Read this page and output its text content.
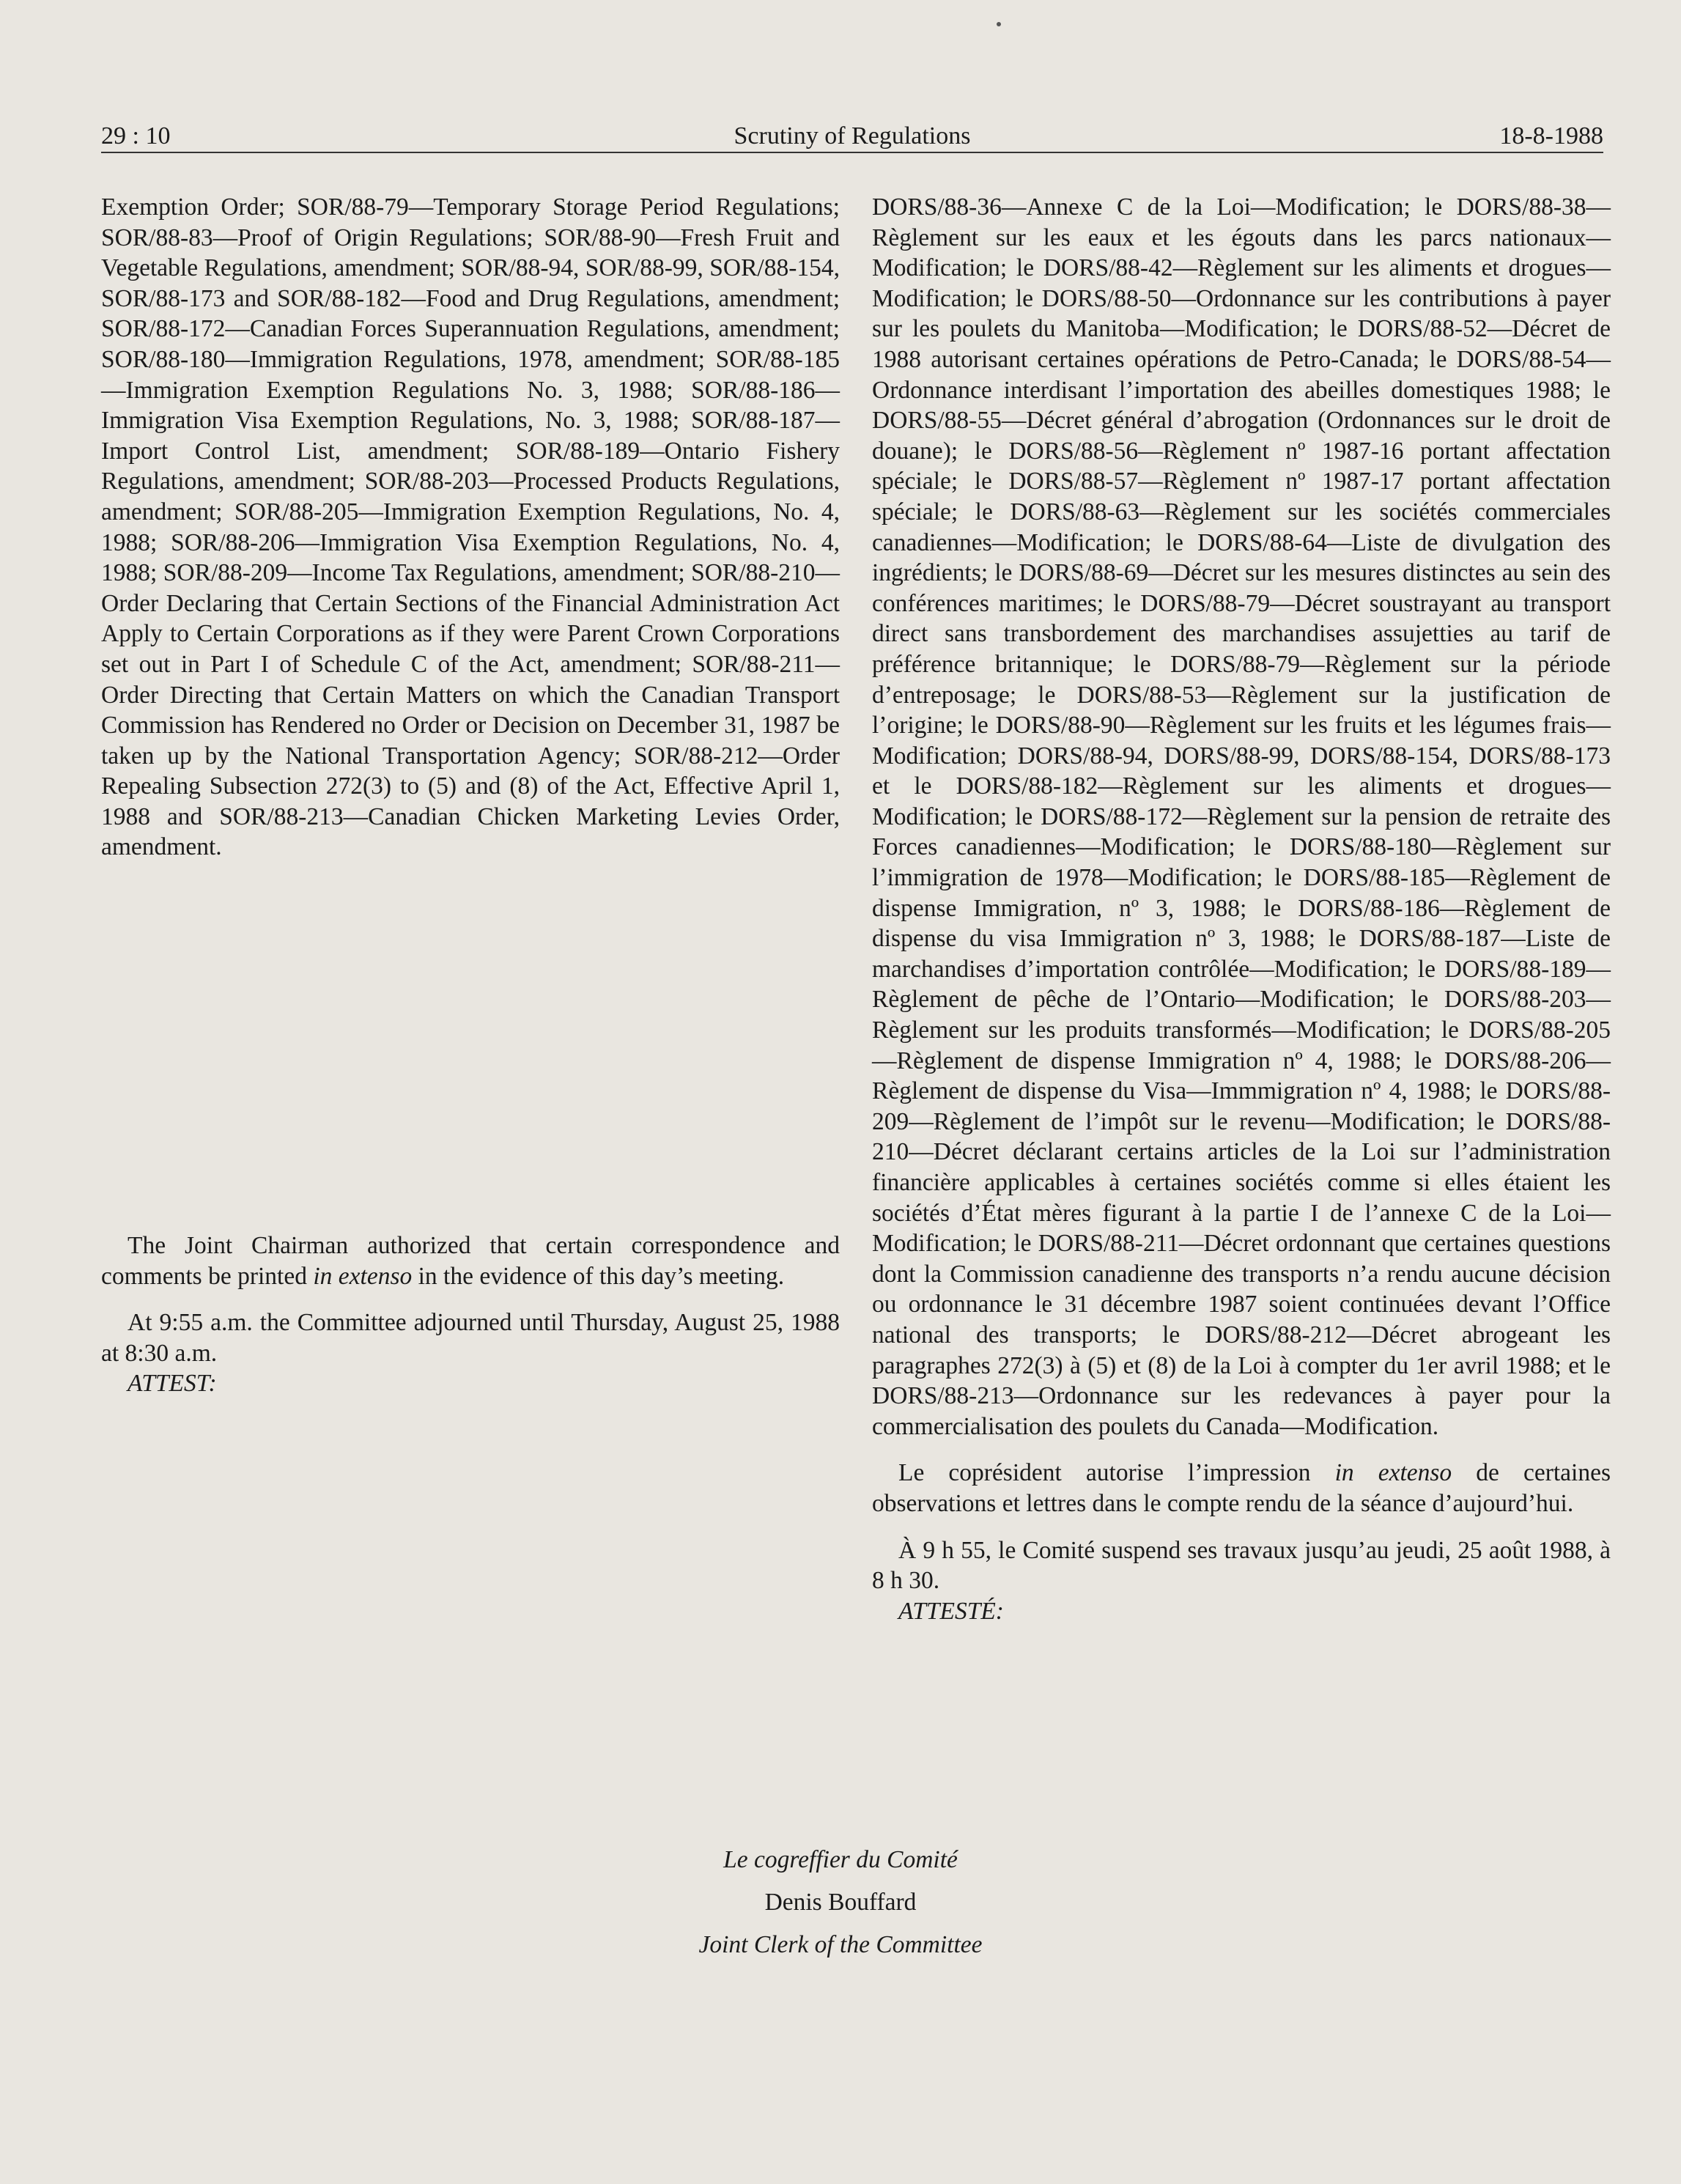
29 : 10	Scrutiny of Regulations	18-8-1988

Exemption Order; SOR/88-79—Temporary Storage Period Regulations; SOR/88-83—Proof of Origin Regulations; SOR/88-90—Fresh Fruit and Vegetable Regulations, amendment; SOR/88-94, SOR/88-99, SOR/88-154, SOR/88-173 and SOR/88-182—Food and Drug Regulations, amendment; SOR/88-172—Canadian Forces Superannuation Regulations, amendment; SOR/88-180—Immigration Regulations, 1978, amendment; SOR/88-185—Immigration Exemption Regulations No. 3, 1988; SOR/88-186—Immigration Visa Exemption Regulations, No. 3, 1988; SOR/88-187—Import Control List, amendment; SOR/88-189—Ontario Fishery Regulations, amendment; SOR/88-203—Processed Products Regulations, amendment; SOR/88-205—Immigration Exemption Regulations, No. 4, 1988; SOR/88-206—Immigration Visa Exemption Regulations, No. 4, 1988; SOR/88-209—Income Tax Regulations, amendment; SOR/88-210—Order Declaring that Certain Sections of the Financial Administration Act Apply to Certain Corporations as if they were Parent Crown Corporations set out in Part I of Schedule C of the Act, amendment; SOR/88-211—Order Directing that Certain Matters on which the Canadian Transport Commission has Rendered no Order or Decision on December 31, 1987 be taken up by the National Transportation Agency; SOR/88-212—Order Repealing Subsection 272(3) to (5) and (8) of the Act, Effective April 1, 1988 and SOR/88-213—Canadian Chicken Marketing Levies Order, amendment.

The Joint Chairman authorized that certain correspondence and comments be printed in extenso in the evidence of this day’s meeting.

At 9:55 a.m. the Committee adjourned until Thursday, August 25, 1988 at 8:30 a.m.

ATTEST:

DORS/88-36—Annexe C de la Loi—Modification; le DORS/88-38—Règlement sur les eaux et les égouts dans les parcs nationaux—Modification; le DORS/88-42—Règlement sur les aliments et drogues—Modification; le DORS/88-50—Ordonnance sur les contributions à payer sur les poulets du Manitoba—Modification; le DORS/88-52—Décret de 1988 autorisant certaines opérations de Petro-Canada; le DORS/88-54—Ordonnance interdisant l’importation des abeilles domestiques 1988; le DORS/88-55—Décret général d’abrogation (Ordonnances sur le droit de douane); le DORS/88-56—Règlement nº 1987-16 portant affectation spéciale; le DORS/88-57—Règlement nº 1987-17 portant affectation spéciale; le DORS/88-63—Règlement sur les sociétés commerciales canadiennes—Modification; le DORS/88-64—Liste de divulgation des ingrédients; le DORS/88-69—Décret sur les mesures distinctes au sein des conférences maritimes; le DORS/88-79—Décret soustrayant au transport direct sans transbordement des marchandises assujetties au tarif de préférence britannique; le DORS/88-79—Règlement sur la période d’entreposage; le DORS/88-53—Règlement sur la justification de l’origine; le DORS/88-90—Règlement sur les fruits et les légumes frais—Modification; DORS/88-94, DORS/88-99, DORS/88-154, DORS/88-173 et le DORS/88-182—Règlement sur les aliments et drogues—Modification; le DORS/88-172—Règlement sur la pension de retraite des Forces canadiennes—Modification; le DORS/88-180—Règlement sur l’immigration de 1978—Modification; le DORS/88-185—Règlement de dispense Immigration, nº 3, 1988; le DORS/88-186—Règlement de dispense du visa Immigration nº 3, 1988; le DORS/88-187—Liste de marchandises d’importation contrôlée—Modification; le DORS/88-189—Règlement de pêche de l’Ontario—Modification; le DORS/88-203—Règlement sur les produits transformés—Modification; le DORS/88-205—Règlement de dispense Immigration nº 4, 1988; le DORS/88-206—Règlement de dispense du Visa—Immmigration nº 4, 1988; le DORS/88-209—Règlement de l’impôt sur le revenu—Modification; le DORS/88-210—Décret déclarant certains articles de la Loi sur l’administration financière applicables à certaines sociétés comme si elles étaient les sociétés d’État mères figurant à la partie I de l’annexe C de la Loi—Modification; le DORS/88-211—Décret ordonnant que certaines questions dont la Commission canadienne des transports n’a rendu aucune décision ou ordonnance le 31 décembre 1987 soient continuées devant l’Office national des transports; le DORS/88-212—Décret abrogeant les paragraphes 272(3) à (5) et (8) de la Loi à compter du 1er avril 1988; et le DORS/88-213—Ordonnance sur les redevances à payer pour la commercialisation des poulets du Canada—Modification.

Le coprésident autorise l’impression in extenso de certaines observations et lettres dans le compte rendu de la séance d’aujourd’hui.

À 9 h 55, le Comité suspend ses travaux jusqu’au jeudi, 25 août 1988, à 8 h 30.

ATTESTÉ:

Le cogreffier du Comité
Denis Bouffard
Joint Clerk of the Committee
